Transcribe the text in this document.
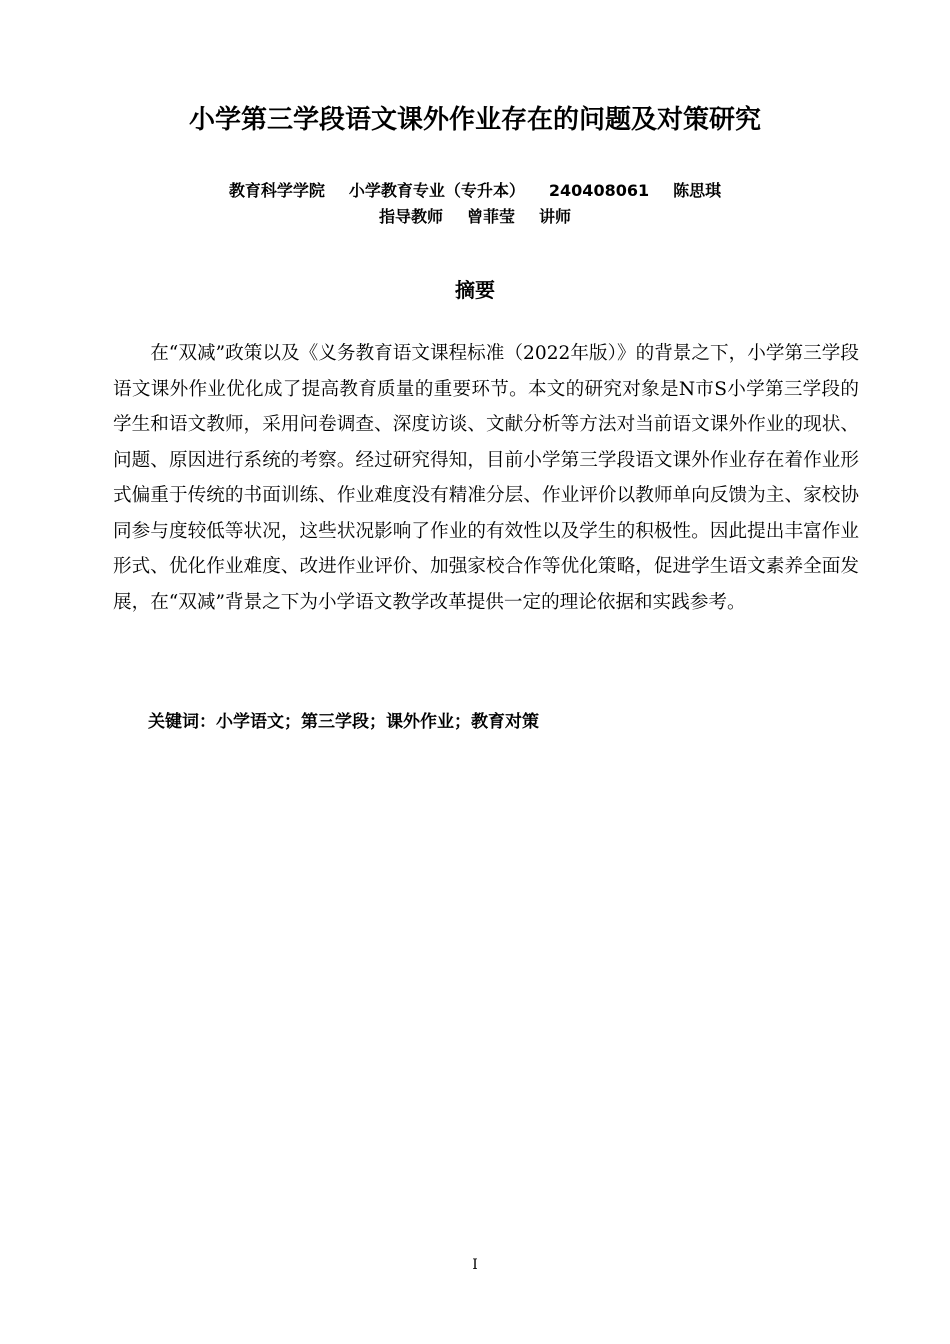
小学第三学段语文课外作业存在的问题及对策研究
教育科学学院 小学教育专业（专升本） 240408061 陈思琪
指导教师 曾菲莹 讲师
摘要

在“双减”政策以及《义务教育语文课程标准（2022年版）》的背景之下，小学第三学段语文课外作业优化成了提高教育质量的重要环节。本文的研究对象是N市S小学第三学段的学生和语文教师，采用问卷调查、深度访谈、文献分析等方法对当前语文课外作业的现状、问题、原因进行系统的考察。经过研究得知，目前小学第三学段语文课外作业存在着作业形式偏重于传统的书面训练、作业难度没有精准分层、作业评价以教师单向反馈为主、家校协同参与度较低等状况，这些状况影响了作业的有效性以及学生的积极性。因此提出丰富作业形式、优化作业难度、改进作业评价、加强家校合作等优化策略，促进学生语文素养全面发展，在“双减”背景之下为小学语文教学改革提供一定的理论依据和实践参考。

关键词：小学语文；第三学段；课外作业；教育对策
I
